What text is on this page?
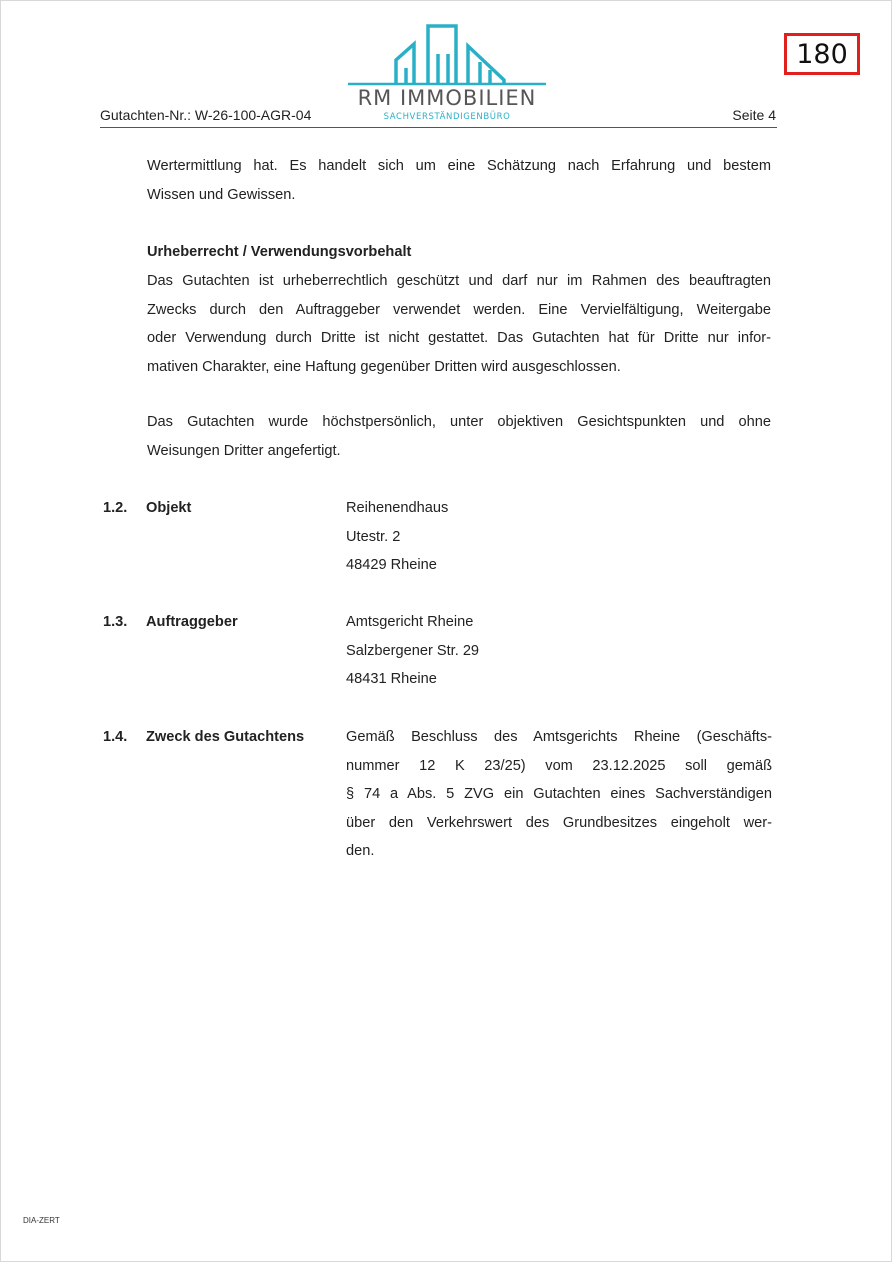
RM IMMOBILIEN
SACHVERSTÄNDIGENBÜRO
180
Gutachten-Nr.: W-26-100-AGR-04	Seite 4
Wertermittlung hat. Es handelt sich um eine Schätzung nach Erfahrung und bestem
Wissen und Gewissen.
Urheberrecht / Verwendungsvorbehalt
Das Gutachten ist urheberrechtlich geschützt und darf nur im Rahmen des beauftragten
Zwecks durch den Auftraggeber verwendet werden. Eine Vervielfältigung, Weitergabe
oder Verwendung durch Dritte ist nicht gestattet. Das Gutachten hat für Dritte nur infor-
mativen Charakter, eine Haftung gegenüber Dritten wird ausgeschlossen.
Das Gutachten wurde höchstpersönlich, unter objektiven Gesichtspunkten und ohne
Weisungen Dritter angefertigt.
1.2. Objekt	Reihenendhaus
Utestr. 2
48429 Rheine
1.3. Auftraggeber	Amtsgericht Rheine
Salzbergener Str. 29
48431 Rheine
1.4. Zweck des Gutachtens	Gemäß Beschluss des Amtsgerichts Rheine (Geschäfts-
nummer 12 K 23/25) vom 23.12.2025 soll gemäß
§ 74 a Abs. 5 ZVG ein Gutachten eines Sachverständigen
über den Verkehrswert des Grundbesitzes eingeholt wer-
den.
DIA-ZERT
